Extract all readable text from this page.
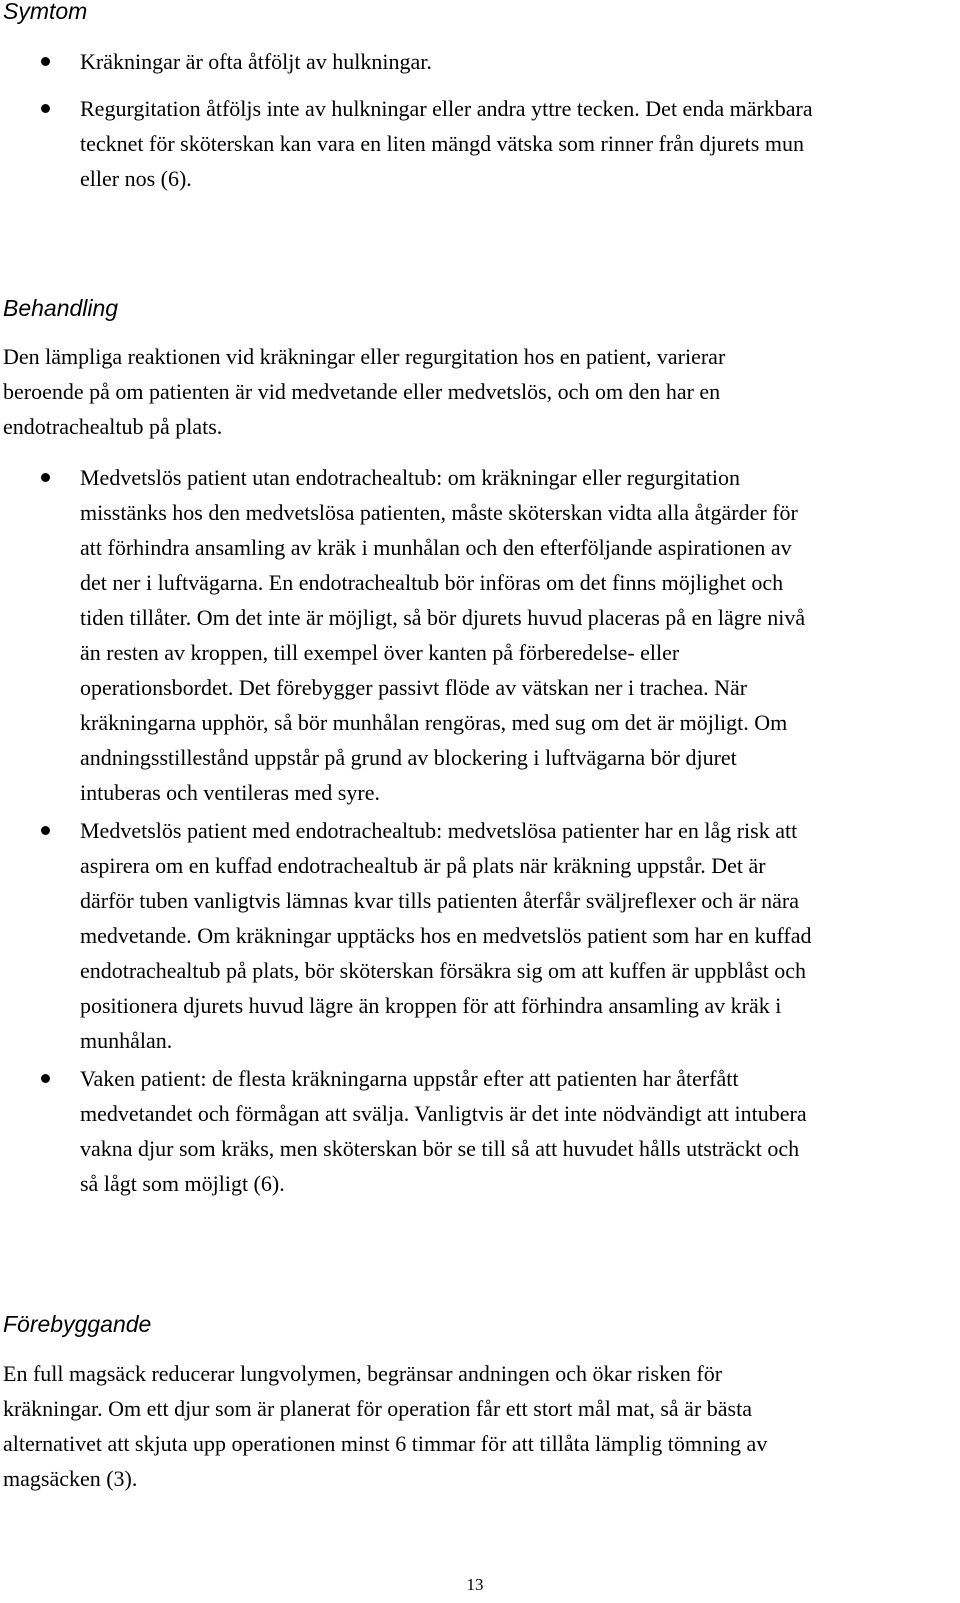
Symtom

Kräkningar är ofta åtföljt av hulkningar.

Regurgitation åtföljs inte av hulkningar eller andra yttre tecken. Det enda märkbara
tecknet för sköterskan kan vara en liten mängd vätska som rinner från djurets mun
eller nos (6).

Behandling

Den lämpliga reaktionen vid kräkningar eller regurgitation hos en patient, varierar
beroende på om patienten är vid medvetande eller medvetslös, och om den har en
endotrachealtub på plats.

Medvetslös patient utan endotrachealtub: om kräkningar eller regurgitation
misstänks hos den medvetslösa patienten, måste sköterskan vidta alla åtgärder för
att förhindra ansamling av kräk i munhålan och den efterföljande aspirationen av
det ner i luftvägarna. En endotrachealtub bör införas om det finns möjlighet och
tiden tillåter. Om det inte är möjligt, så bör djurets huvud placeras på en lägre nivå
än resten av kroppen, till exempel över kanten på förberedelse- eller
operationsbordet. Det förebygger passivt flöde av vätskan ner i trachea. När
kräkningarna upphör, så bör munhålan rengöras, med sug om det är möjligt. Om
andningsstillestånd uppstår på grund av blockering i luftvägarna bör djuret
intuberas och ventileras med syre.

Medvetslös patient med endotrachealtub: medvetslösa patienter har en låg risk att
aspirera om en kuffad endotrachealtub är på plats när kräkning uppstår. Det är
därför tuben vanligtvis lämnas kvar tills patienten återfår sväljreflexer och är nära
medvetande. Om kräkningar upptäcks hos en medvetslös patient som har en kuffad
endotrachealtub på plats, bör sköterskan försäkra sig om att kuffen är uppblåst och
positionera djurets huvud lägre än kroppen för att förhindra ansamling av kräk i
munhålan.

Vaken patient: de flesta kräkningarna uppstår efter att patienten har återfått
medvetandet och förmågan att svälja. Vanligtvis är det inte nödvändigt att intubera
vakna djur som kräks, men sköterskan bör se till så att huvudet hålls utsträckt och
så lågt som möjligt (6).

Förebyggande

En full magsäck reducerar lungvolymen, begränsar andningen och ökar risken för
kräkningar. Om ett djur som är planerat för operation får ett stort mål mat, så är bästa
alternativet att skjuta upp operationen minst 6 timmar för att tillåta lämplig tömning av
magsäcken (3).

13
